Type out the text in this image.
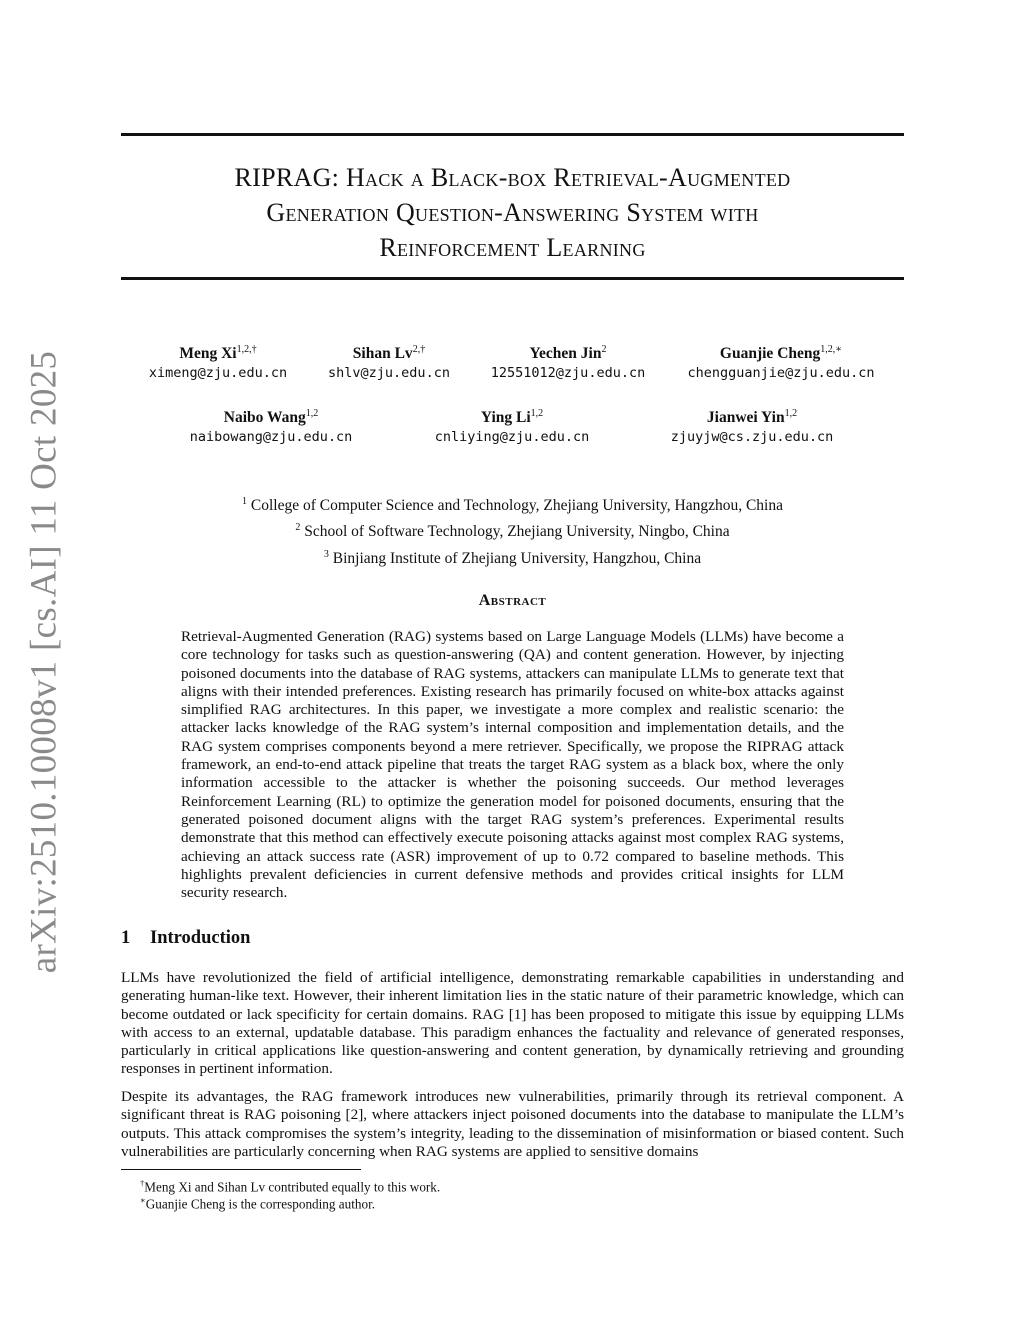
arXiv:2510.10008v1 [cs.AI] 11 Oct 2025
RIPRAG: Hack a Black-box Retrieval-Augmented
Generation Question-Answering System with
Reinforcement Learning
Meng $Xi^{1,2,\dagger}$
ximeng@zju.edu.cn
Sihan $Lv^{2,\dagger}$
shlv@zju.edu.cn
Yechen Jin$^2$
12551012@zju.edu.cn
Guanjie Cheng$^{1,2,∗}$
chengguanjie@zju.edu.cn
Naibo Wang$^{1,2}$
naibowang@zju.edu.cn
Ying Li$^{1,2}$
cnliying@zju.edu.cn
Jianwei Yin$^{1,2}$
zjuyjw@cs.zju.edu.cn
$^1$ College of Computer Science and Technology, Zhejiang University, Hangzhou, China
$^2$ School of Software Technology, Zhejiang University, Ningbo, China
$^3$ Binjiang Institute of Zhejiang University, Hangzhou, China
Abstract
Retrieval-Augmented Generation (RAG) systems based on Large Language Models (LLMs) have become a core technology for tasks such as question-answering (QA) and content generation. However, by injecting poisoned documents into the database of RAG systems, attackers can manipulate LLMs to generate text that aligns with their intended preferences. Existing research has primarily focused on white-box attacks against simplified RAG architectures. In this paper, we investigate a more complex and realistic scenario: the attacker lacks knowledge of the RAG system’s internal composition and implementation details, and the RAG system comprises components beyond a mere retriever. Specifically, we propose the RIPRAG attack framework, an end-to-end attack pipeline that treats the target RAG system as a black box, where the only information accessible to the attacker is whether the poisoning succeeds. Our method leverages Reinforcement Learning (RL) to optimize the generation model for poisoned documents, ensuring that the generated poisoned document aligns with the target RAG system’s preferences. Experimental results demonstrate that this method can effectively execute poisoning attacks against most complex RAG systems, achieving an attack success rate (ASR) improvement of up to 0.72 compared to baseline methods. This highlights prevalent deficiencies in current defensive methods and provides critical insights for LLM security research.
1 Introduction
LLMs have revolutionized the field of artificial intelligence, demonstrating remarkable capabilities in understanding and generating human-like text. However, their inherent limitation lies in the static nature of their parametric knowledge, which can become outdated or lack specificity for certain domains. RAG [1] has been proposed to mitigate this issue by equipping LLMs with access to an external, updatable database. This paradigm enhances the factuality and relevance of generated responses, particularly in critical applications like question-answering and content generation, by dynamically retrieving and grounding responses in pertinent information.
Despite its advantages, the RAG framework introduces new vulnerabilities, primarily through its retrieval component. A significant threat is RAG poisoning [2], where attackers inject poisoned documents into the database to manipulate the LLM’s outputs. This attack compromises the system’s integrity, leading to the dissemination of misinformation or biased content. Such vulnerabilities are particularly concerning when RAG systems are applied to sensitive domains
†Meng Xi and Sihan Lv contributed equally to this work.
∗Guanjie Cheng is the corresponding author.
